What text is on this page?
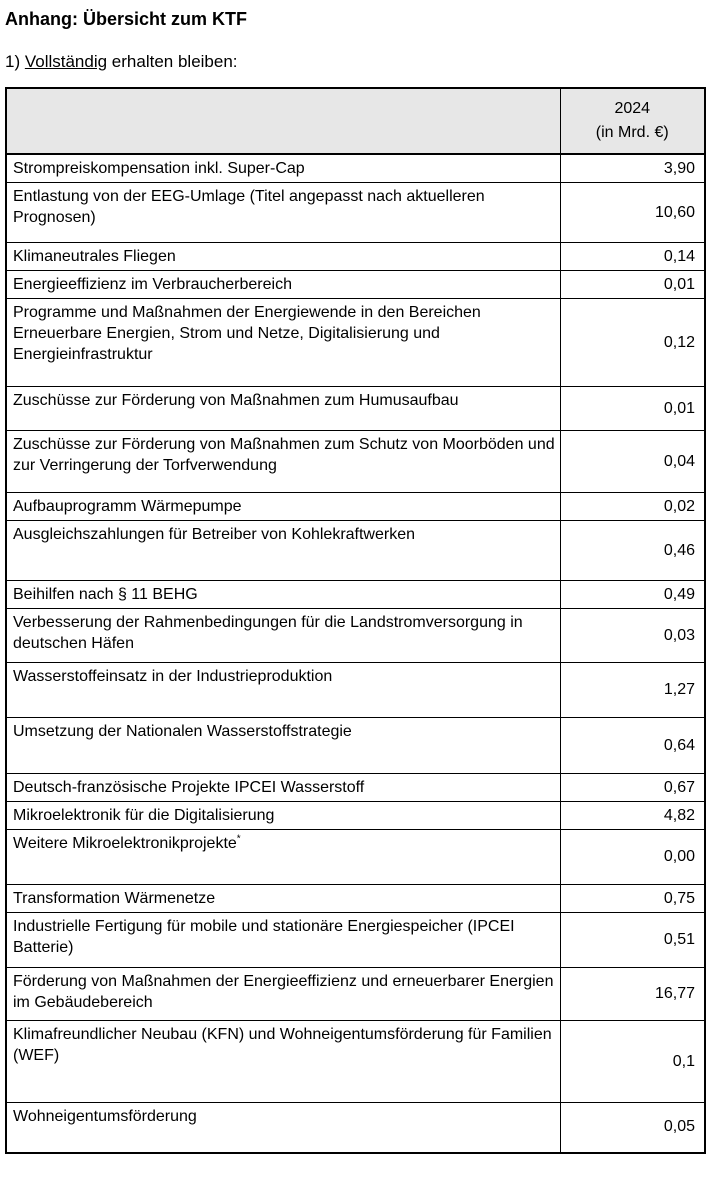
Anhang: Übersicht zum KTF
1) Vollständig erhalten bleiben:

	2024
(in Mrd. €)

Strompreiskompensation inkl. Super-Cap	3,90
Entlastung von der EEG-Umlage (Titel angepasst nach aktuelleren Prognosen)	10,60
Klimaneutrales Fliegen	0,14
Energieeffizienz im Verbraucherbereich	0,01
Programme und Maßnahmen der Energiewende in den Bereichen Erneuerbare Energien, Strom und Netze, Digitalisierung und Energieinfrastruktur	0,12
Zuschüsse zur Förderung von Maßnahmen zum Humusaufbau	0,01
Zuschüsse zur Förderung von Maßnahmen zum Schutz von Moorböden und zur Verringerung der Torfverwendung	0,04
Aufbauprogramm Wärmepumpe	0,02
Ausgleichszahlungen für Betreiber von Kohlekraftwerken	0,46
Beihilfen nach § 11 BEHG	0,49
Verbesserung der Rahmenbedingungen für die Landstromversorgung in deutschen Häfen	0,03
Wasserstoffeinsatz in der Industrieproduktion	1,27
Umsetzung der Nationalen Wasserstoffstrategie	0,64
Deutsch-französische Projekte IPCEI Wasserstoff	0,67
Mikroelektronik für die Digitalisierung	4,82
Weitere Mikroelektronikprojekte*	0,00
Transformation Wärmenetze	0,75
Industrielle Fertigung für mobile und stationäre Energiespeicher (IPCEI Batterie)	0,51
Förderung von Maßnahmen der Energieeffizienz und erneuerbarer Energien im Gebäudebereich	16,77
Klimafreundlicher Neubau (KFN) und Wohneigentumsförderung für Familien (WEF)	0,1
Wohneigentumsförderung	0,05
